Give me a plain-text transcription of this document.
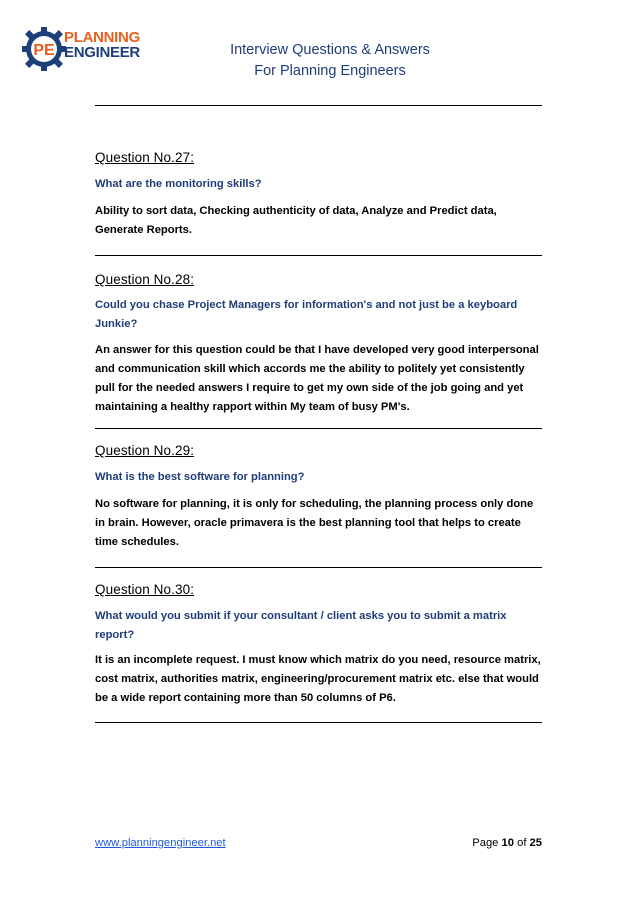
PE
PLANNING
ENGINEER	Interview Questions & Answers
For Planning Engineers
Question No.27:
What are the monitoring skills?
Ability to sort data, Checking authenticity of data, Analyze and Predict data, Generate Reports.
Question No.28:
Could you chase Project Managers for information's and not just be a keyboard Junkie?
An answer for this question could be that I have developed very good interpersonal and communication skill which accords me the ability to politely yet consistently pull for the needed answers I require to get my own side of the job going and yet maintaining a healthy rapport within My team of busy PM's.
Question No.29:
What is the best software for planning?
No software for planning, it is only for scheduling, the planning process only done in brain. However, oracle primavera is the best planning tool that helps to create time schedules.
Question No.30:
What would you submit if your consultant / client asks you to submit a matrix report?
It is an incomplete request. I must know which matrix do you need, resource matrix, cost matrix, authorities matrix, engineering/procurement matrix etc. else that would be a wide report containing more than 50 columns of P6.
www.planningengineer.net	Page 10 of 25
